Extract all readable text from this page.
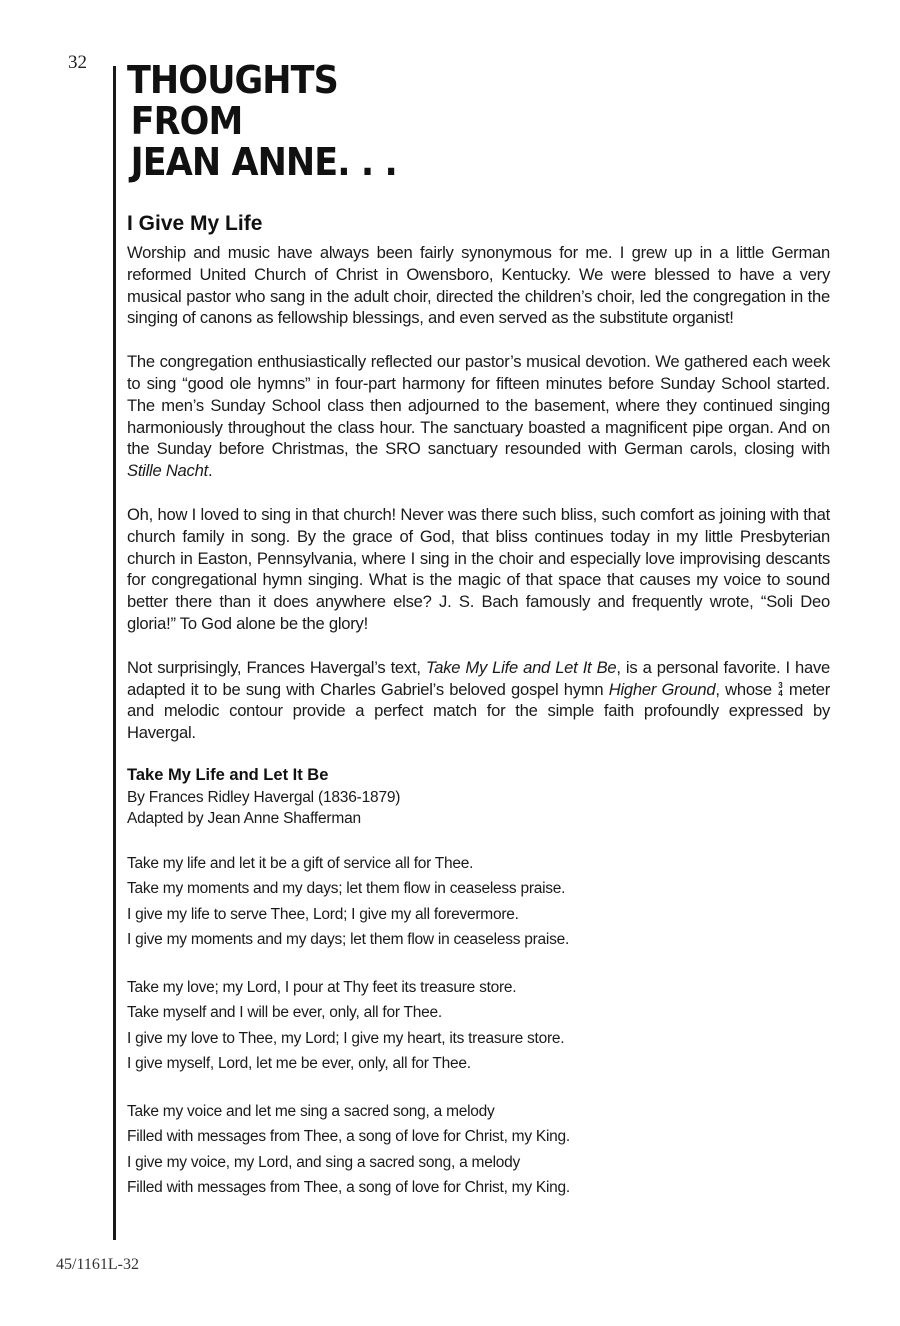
32 THOUGHTS
FROM
JEAN ANNE. . .
I Give My Life

Worship and music have always been fairly synonymous for me. I grew up in a little German reformed United Church of Christ in Owensboro, Kentucky. We were blessed to have a very musical pastor who sang in the adult choir, directed the children’s choir, led the congregation in the singing of canons as fellowship blessings, and even served as the substitute organist!

The congregation enthusiastically reflected our pastor’s musical devotion. We gathered each week to sing “good ole hymns” in four-part harmony for fifteen minutes before Sunday School started. The men’s Sunday School class then adjourned to the basement, where they continued singing harmoniously throughout the class hour. The sanctuary boasted a magnificent pipe organ. And on the Sunday before Christmas, the SRO sanctuary resounded with German carols, closing with Stille Nacht.

Oh, how I loved to sing in that church! Never was there such bliss, such comfort as joining with that church family in song. By the grace of God, that bliss continues today in my little Presbyterian church in Easton, Pennsylvania, where I sing in the choir and especially love improvising descants for congregational hymn singing. What is the magic of that space that causes my voice to sound better there than it does anywhere else? J. S. Bach famously and frequently wrote, “Soli Deo gloria!” To God alone be the glory!

Not surprisingly, Frances Havergal’s text, Take My Life and Let It Be, is a personal favorite. I have adapted it to be sung with Charles Gabriel’s beloved gospel hymn Higher Ground, whose 3
4 meter and melodic contour provide a perfect match for the simple faith profoundly expressed by Havergal.

Take My Life and Let It Be

By Frances Ridley Havergal (1836-1879)

Adapted by Jean Anne Shafferman

Take my life and let it be a gift of service all for Thee.

Take my moments and my days; let them flow in ceaseless praise.

I give my life to serve Thee, Lord; I give my all forevermore.

I give my moments and my days; let them flow in ceaseless praise.

Take my love; my Lord, I pour at Thy feet its treasure store.

Take myself and I will be ever, only, all for Thee.

I give my love to Thee, my Lord; I give my heart, its treasure store.

I give myself, Lord, let me be ever, only, all for Thee.

Take my voice and let me sing a sacred song, a melody

Filled with messages from Thee, a song of love for Christ, my King.

I give my voice, my Lord, and sing a sacred song, a melody

Filled with messages from Thee, a song of love for Christ, my King.

45/1161L-32
